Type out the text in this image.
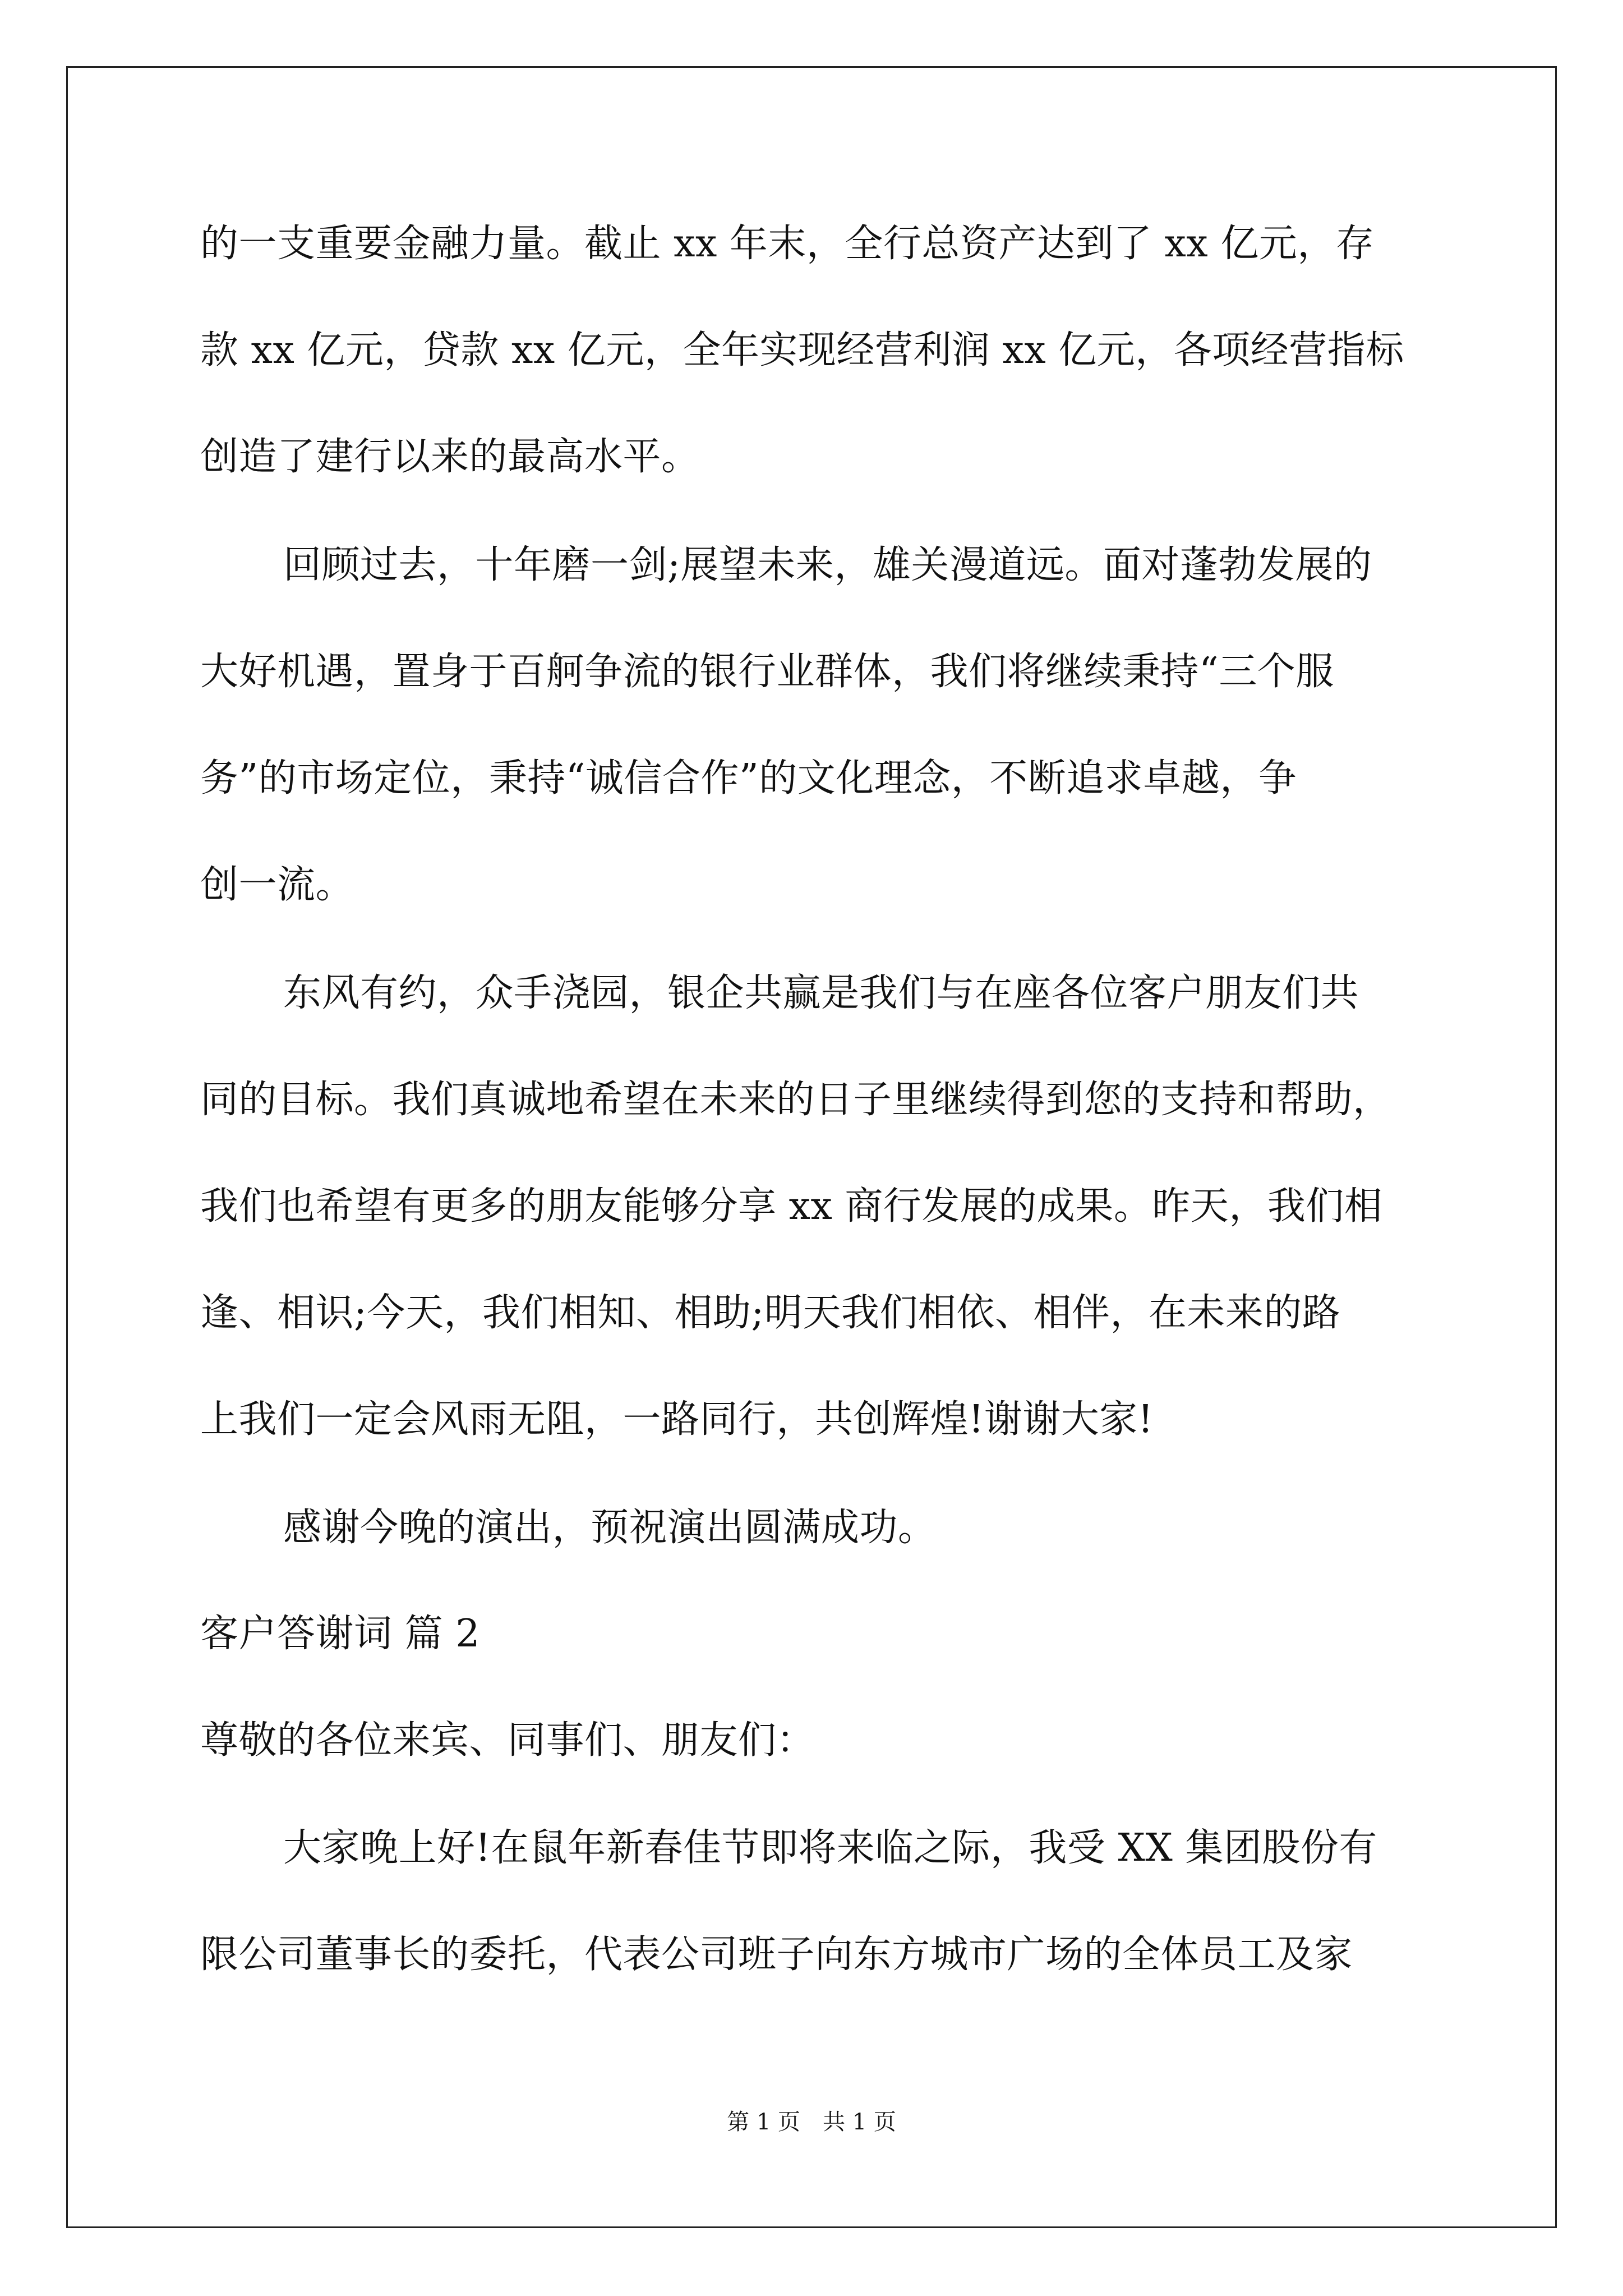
的一支重要金融力量。截止 xx 年末，全行总资产达到了 xx 亿元，存
款 xx 亿元，贷款 xx 亿元，全年实现经营利润 xx 亿元，各项经营指标
创造了建行以来的最高水平。
回顾过去，十年磨一剑;展望未来，雄关漫道远。面对蓬勃发展的
大好机遇，置身于百舸争流的银行业群体，我们将继续秉持“三个服
务”的市场定位，秉持“诚信合作”的文化理念，不断追求卓越，争
创一流。
东风有约，众手浇园，银企共赢是我们与在座各位客户朋友们共
同的目标。我们真诚地希望在未来的日子里继续得到您的支持和帮助，
我们也希望有更多的朋友能够分享 xx 商行发展的成果。昨天，我们相
逢、相识;今天，我们相知、相助;明天我们相依、相伴，在未来的路
上我们一定会风雨无阻，一路同行，共创辉煌!谢谢大家!
感谢今晚的演出，预祝演出圆满成功。
客户答谢词 篇 2
尊敬的各位来宾、同事们、朋友们：
大家晚上好!在鼠年新春佳节即将来临之际，我受 XX 集团股份有
限公司董事长的委托，代表公司班子向东方城市广场的全体员工及家
第 1 页　共 1 页
